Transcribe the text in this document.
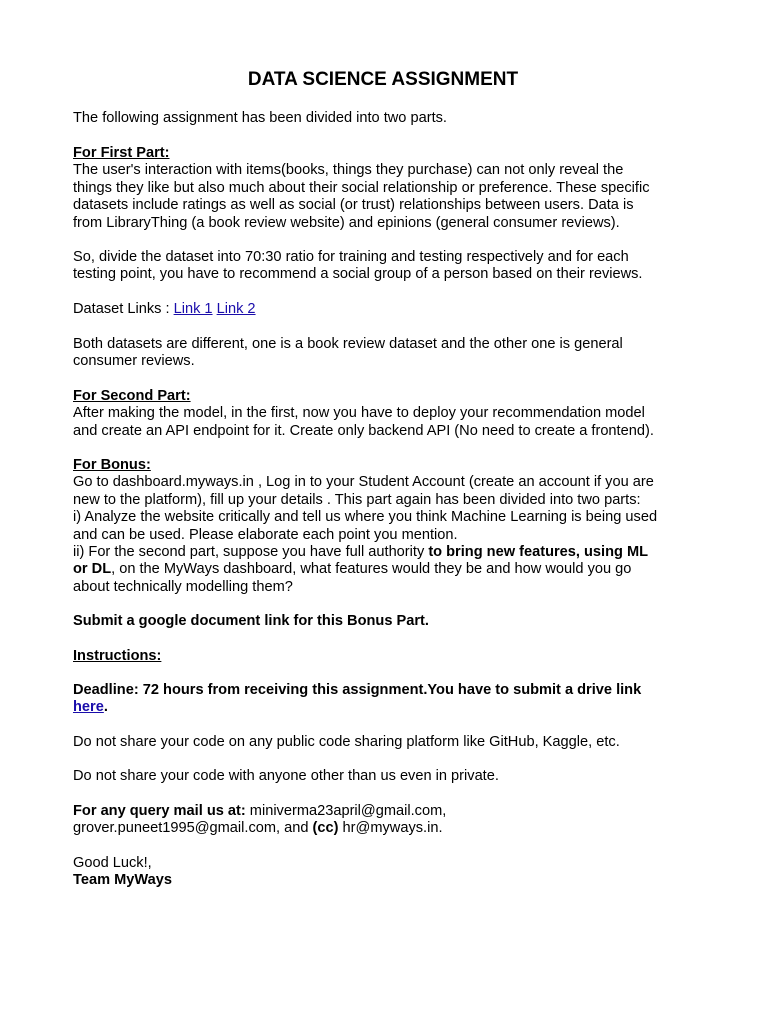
DATA SCIENCE ASSIGNMENT
The following assignment has been divided into two parts.
For First Part:
The user's interaction with items(books, things they purchase) can not only reveal the
things they like but also much about their social relationship or preference. These specific
datasets include ratings as well as social (or trust) relationships between users. Data is
from LibraryThing (a book review website) and epinions (general consumer reviews).
So, divide the dataset into 70:30 ratio for training and testing respectively and for each
testing point, you have to recommend a social group of a person based on their reviews.
Dataset Links : Link 1 Link 2
Both datasets are different, one is a book review dataset and the other one is general
consumer reviews.
For Second Part:
After making the model, in the first, now you have to deploy your recommendation model
and create an API endpoint for it. Create only backend API (No need to create a frontend).
For Bonus:
Go to dashboard.myways.in , Log in to your Student Account (create an account if you are
new to the platform), fill up your details . This part again has been divided into two parts:
i) Analyze the website critically and tell us where you think Machine Learning is being used
and can be used. Please elaborate each point you mention.
ii) For the second part, suppose you have full authority to bring new features, using ML
or DL, on the MyWays dashboard, what features would they be and how would you go
about technically modelling them?
Submit a google document link for this Bonus Part.
Instructions:
Deadline: 72 hours from receiving this assignment.You have to submit a drive link
here.
Do not share your code on any public code sharing platform like GitHub, Kaggle, etc.
Do not share your code with anyone other than us even in private.
For any query mail us at: miniverma23april@gmail.com,
grover.puneet1995@gmail.com, and (cc) hr@myways.in.
Good Luck!,
Team MyWays
